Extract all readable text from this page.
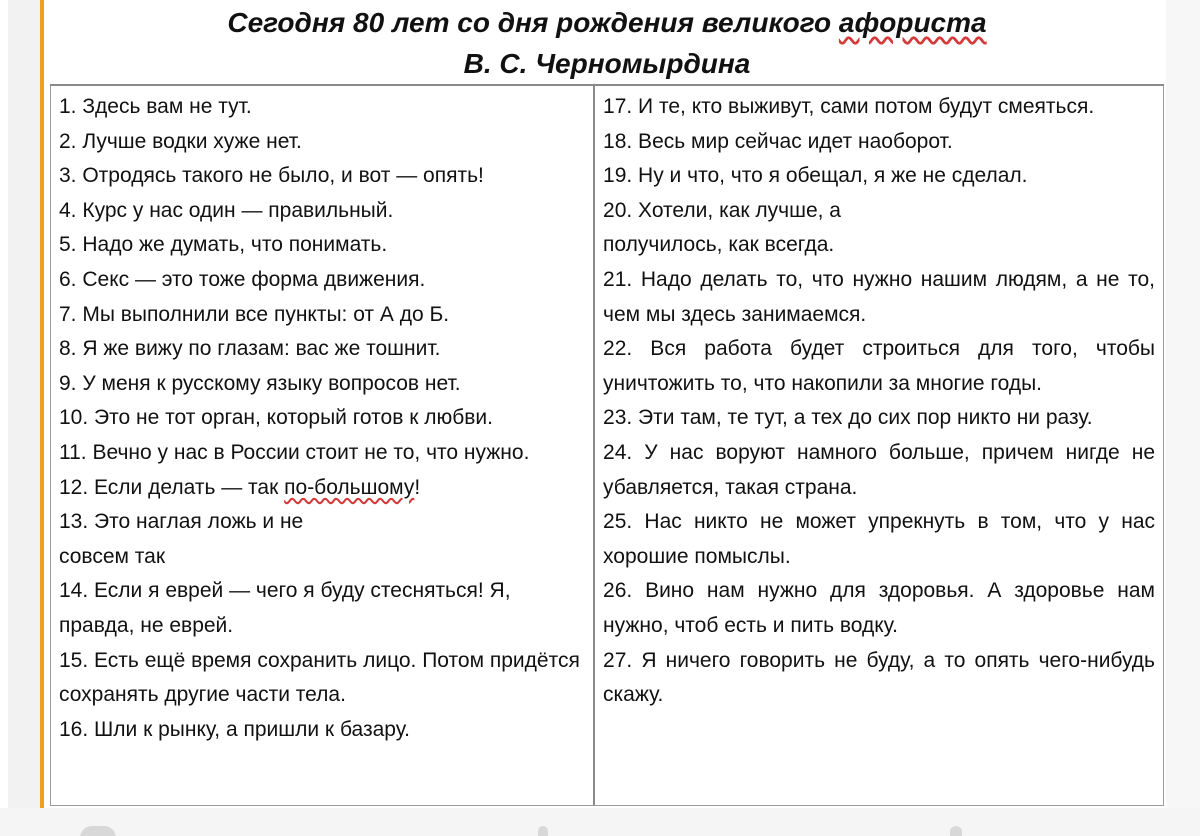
Сегодня 80 лет со дня рождения великого афориста
В. С. Черномырдина
1. Здесь вам не тут.
2. Лучше водки хуже нет.
3. Отродясь такого не было, и вот — опять!
4. Курс у нас один — правильный.
5. Надо же думать, что понимать.
6. Секс — это тоже форма движения.
7. Мы выполнили все пункты: от А до Б.
8. Я же вижу по глазам: вас же тошнит.
9. У меня к русскому языку вопросов нет.
10. Это не тот орган, который готов к любви.
11. Вечно у нас в России стоит не то, что нужно.
12. Если делать — так по-большому!
13. Это наглая ложь и не
совсем так
14. Если я еврей — чего я буду стесняться! Я, правда, не еврей.
15. Есть ещё время сохранить лицо. Потом придётся сохранять другие части тела.
16. Шли к рынку, а пришли к базару.
17. И те, кто выживут, сами потом будут смеяться.
18. Весь мир сейчас идет наоборот.
19. Ну и что, что я обещал, я же не сделал.
20. Хотели, как лучше, а
получилось, как всегда.
21. Надо делать то, что нужно нашим людям, а не то, чем мы здесь занимаемся.
22. Вся работа будет строиться для того, чтобы уничтожить то, что накопили за многие годы.
23. Эти там, те тут, а тех до сих пор никто ни разу.
24. У нас воруют намного больше, причем нигде не убавляется, такая страна.
25. Нас никто не может упрекнуть в том, что у нас хорошие помыслы.
26. Вино нам нужно для здоровья. А здоровье нам нужно, чтоб есть и пить водку.
27. Я ничего говорить не буду, а то опять чего-нибудь скажу.
